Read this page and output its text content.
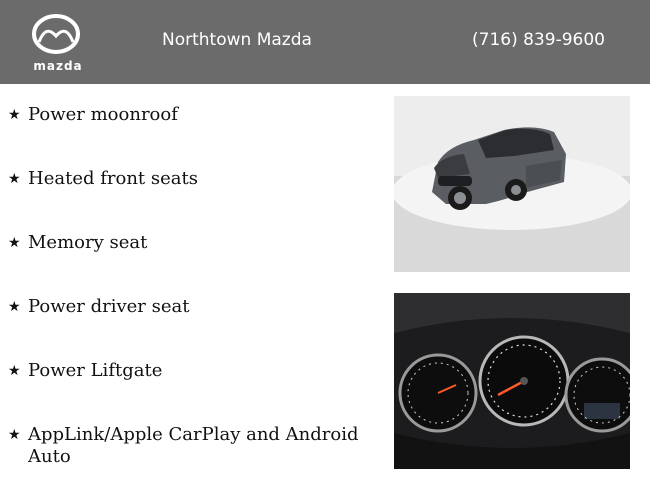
mazda
Northtown Mazda	(716) 839-9600
★ Power moonroof
★ Heated front seats
★ Memory seat
★ Power driver seat
★ Power Liftgate
★ AppLink/Apple CarPlay and Android Auto
